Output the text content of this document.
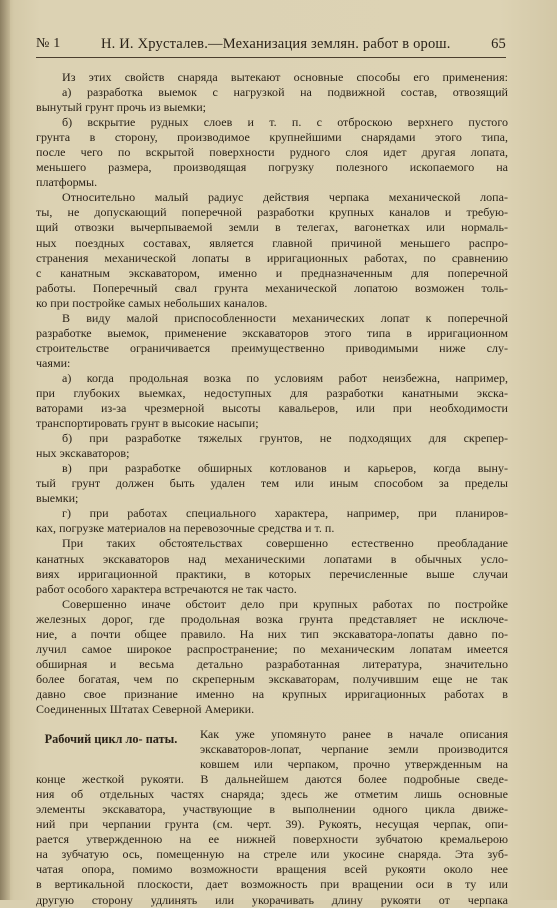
№ 1	Н. И. Хрусталев.—Механизация землян. работ в орош.	65
Из этих свойств снаряда вытекают основные способы его применения:
а) разработка выемок с нагрузкой на подвижной состав, отвозящий
вынутый грунт прочь из выемки;
б) вскрытие рудных слоев и т. п. с отброскою верхнего пустого
грунта в сторону, производимое крупнейшими снарядами этого типа,
после чего по вскрытой поверхности рудного слоя идет другая лопата,
меньшего размера, производящая погрузку полезного ископаемого на
платформы.
Относительно малый радиус действия черпака механической лопа-
ты, не допускающий поперечной разработки крупных каналов и требую-
щий отвозки вычерпываемой земли в телегах, вагонетках или нормаль-
ных поездных составах, является главной причиной меньшего распро-
странения механической лопаты в ирригационных работах, по сравнению
с канатным экскаватором, именно и предназначенным для поперечной
работы. Поперечный свал грунта механической лопатою возможен толь-
ко при постройке самых небольших каналов.
В виду малой приспособленности механических лопат к поперечной
разработке выемок, применение экскаваторов этого типа в ирригационном
строительстве ограничивается преимущественно приводимыми ниже слу-
чаями:
а) когда продольная возка по условиям работ неизбежна, например,
при глубоких выемках, недоступных для разработки канатными экска-
ваторами из-за чрезмерной высоты кавальеров, или при необходимости
транспортировать грунт в высокие насыпи;
б) при разработке тяжелых грунтов, не подходящих для скрепер-
ных экскаваторов;
в) при разработке обширных котлованов и карьеров, когда выну-
тый грунт должен быть удален тем или иным способом за пределы
выемки;
г) при работах специального характера, например, при планиров-
ках, погрузке материалов на перевозочные средства и т. п.
При таких обстоятельствах совершенно естественно преобладание
канатных экскаваторов над механическими лопатами в обычных усло-
виях ирригационной практики, в которых перечисленные выше случаи
работ особого характера встречаются не так часто.
Совершенно иначе обстоит дело при крупных работах по постройке
железных дорог, где продольная возка грунта представляет не исключе-
ние, а почти общее правило. На них тип экскаватора-лопаты давно по-
лучил самое широкое распространение; по механическим лопатам имеется
обширная и весьма детально разработанная литература, значительно
более богатая, чем по скреперным экскаваторам, получившим еще не так
давно свое признание именно на крупных ирригационных работах в
Соединенных Штатах Северной Америки.
Рабочий цикл ло- паты.	Как уже упомянуто ранее в начале описания
экскаваторов-лопат, черпание земли производится
ковшем или черпаком, прочно утвержденным на
конце жесткой рукояти. В дальнейшем даются более подробные сведе-
ния об отдельных частях снаряда; здесь же отметим лишь основные
элементы экскаватора, участвующие в выполнении одного цикла движе-
ний при черпании грунта (см. черт. 39). Рукоять, несущая черпак, опи-
рается утвержденною на ее нижней поверхности зубчатою кремальерою
на зубчатую ось, помещенную на стреле или укосине снаряда. Эта зуб-
чатая опора, помимо возможности вращения всей рукояти около нее
в вертикальной плоскости, дает возможность при вращении оси в ту или
другую сторону удлинять или укорачивать длину рукояти от черпака
